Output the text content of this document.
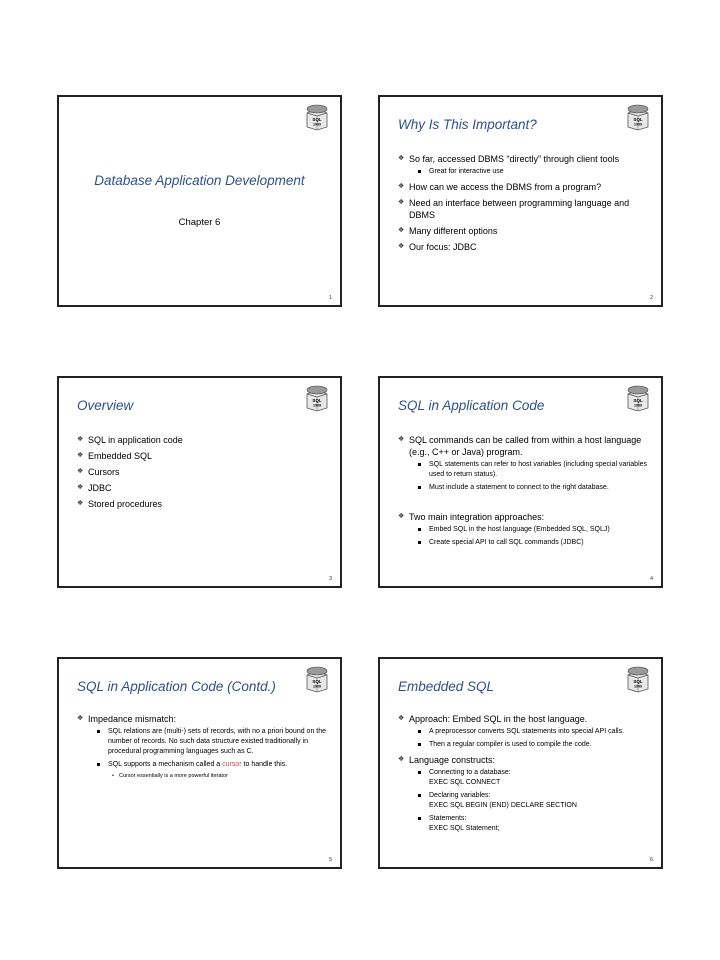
SQL
1999
Database Application Development
Chapter 6
1
SQL
1999
Why Is This Important?
❖ So far, accessed DBMS “directly” through client tools
Great for interactive use
❖ How can we access the DBMS from a program?
❖ Need an interface between programming language and DBMS
❖ Many different options
❖ Our focus: JDBC
2
SQL
1999
Overview
❖ SQL in application code
❖ Embedded SQL
❖ Cursors
❖ JDBC
❖ Stored procedures
3
SQL
1999
SQL in Application Code
❖ SQL commands can be called from within a host language (e.g., C++ or Java) program.
SQL statements can refer to host variables (including special variables used to return status).
Must include a statement to connect to the right database.
❖ Two main integration approaches:
Embed SQL in the host language (Embedded SQL, SQLJ)
Create special API to call SQL commands (JDBC)
4
SQL
1999
SQL in Application Code (Contd.)
❖ Impedance mismatch:
SQL relations are (multi-) sets of records, with no a priori bound on the number of records. No such data structure existed traditionally in procedural programming languages such as C.
SQL supports a mechanism called a cursor to handle this.
• Cursor essentially is a more powerful iterator
5
SQL
1999
Embedded SQL
❖ Approach: Embed SQL in the host language.
A preprocessor converts SQL statements into special API calls.
Then a regular compiler is used to compile the code.
❖ Language constructs:
Connecting to a database:
EXEC SQL CONNECT
Declaring variables:
EXEC SQL BEGIN (END) DECLARE SECTION
Statements:
EXEC SQL Statement;
6
